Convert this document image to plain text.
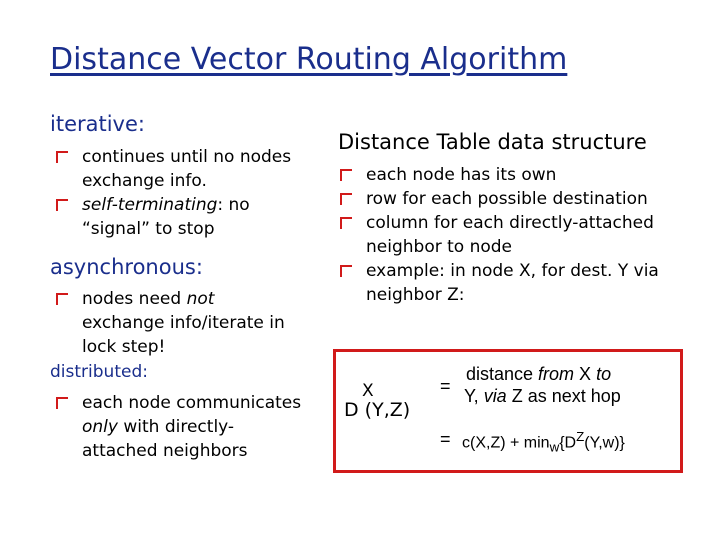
Distance Vector Routing Algorithm
iterative:
continues until no nodes exchange info.
self-terminating: no “signal” to stop
asynchronous:
nodes need not exchange info/iterate in lock step!
distributed:
each node communicates only with directly-attached neighbors
Distance Table data structure
each node has its own
row for each possible destination
column for each directly-attached neighbor to node
example: in node X, for dest. Y via neighbor Z:
X
D (Y,Z)
=
=
distance from X to
Y, via Z as next hop
$c(X,Z) + \min_w\{D^Z(Y,w)\}$
